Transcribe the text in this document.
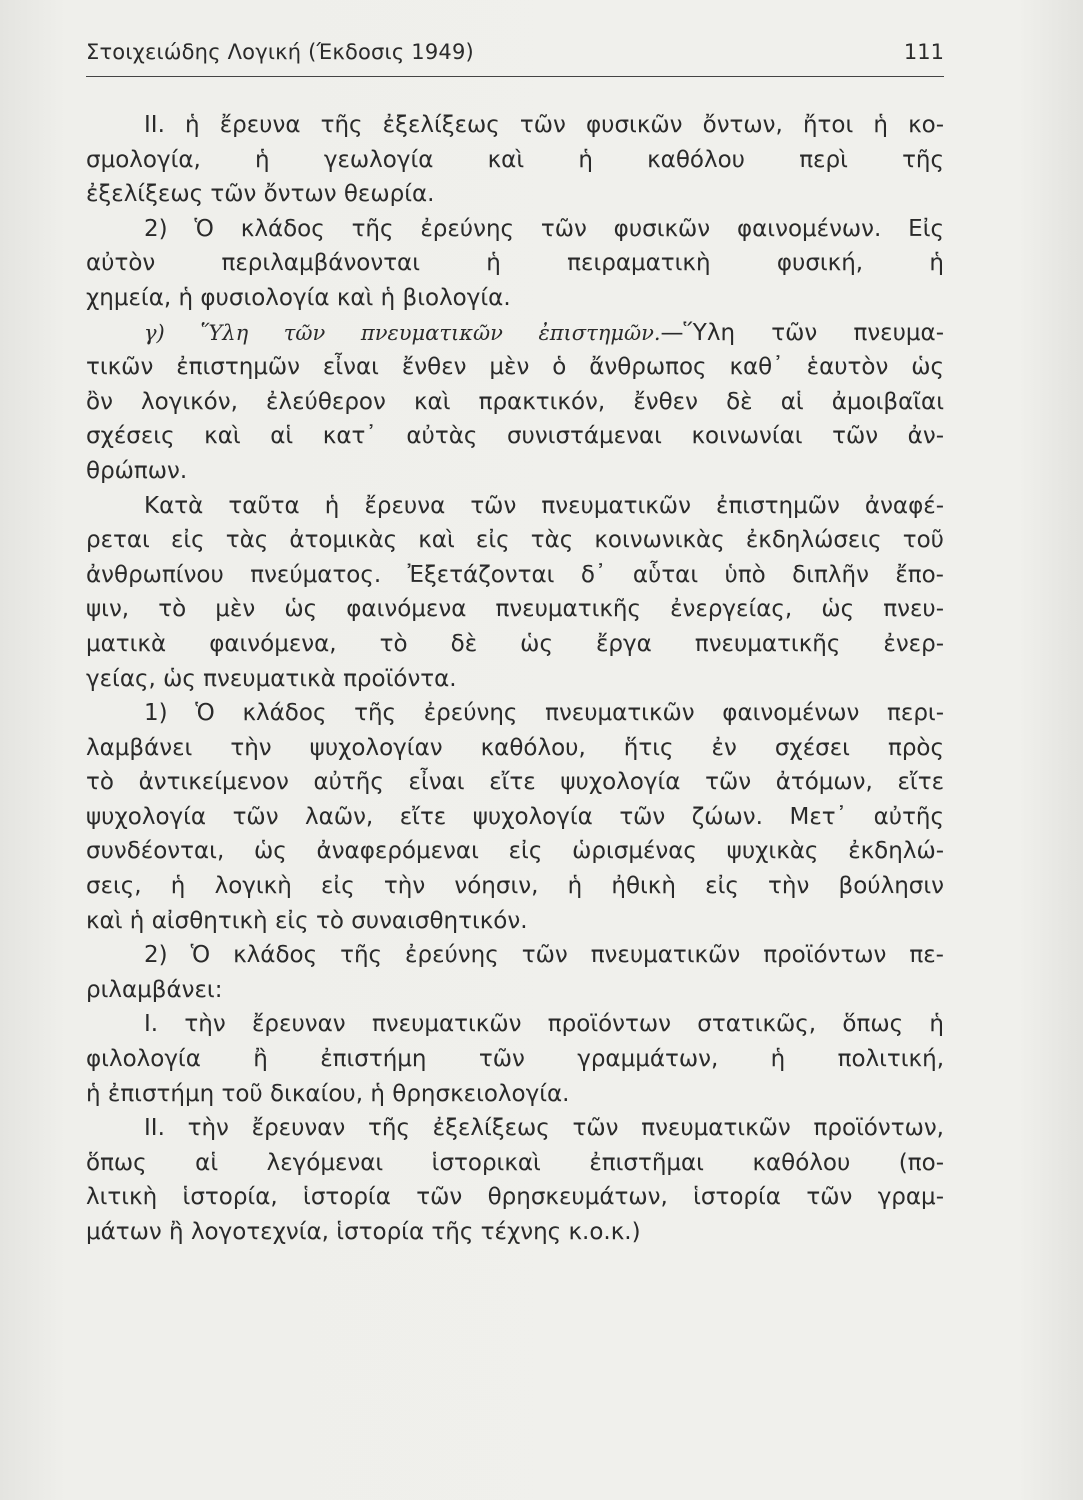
Στοιχειώδης Λογική (Έκδοσις 1949)	111
II. ἡ ἔρευνα τῆς ἐξελίξεως τῶν φυσικῶν ὄντων, ἤτοι ἡ κο-
σμολογία, ἡ γεωλογία καὶ ἡ καθόλου περὶ τῆς
ἐξελίξεως τῶν ὄντων θεωρία.
2) Ὁ κλάδος τῆς ἐρεύνης τῶν φυσικῶν φαινομένων. Εἰς
αὐτὸν περιλαμβάνονται ἡ πειραματικὴ φυσική, ἡ
χημεία, ἡ φυσιολογία καὶ ἡ βιολογία.
γ) Ὕλη τῶν πνευματικῶν ἐπιστημῶν.—Ὕλη τῶν πνευμα-
τικῶν ἐπιστημῶν εἶναι ἔνθεν μὲν ὁ ἄνθρωπος καθ᾽ ἑαυτὸν ὡς
ὂν λογικόν, ἐλεύθερον καὶ πρακτικόν, ἔνθεν δὲ αἱ ἀμοιβαῖαι
σχέσεις καὶ αἱ κατ᾽ αὐτὰς συνιστάμεναι κοινωνίαι τῶν ἀν-
θρώπων.
Κατὰ ταῦτα ἡ ἔρευνα τῶν πνευματικῶν ἐπιστημῶν ἀναφέ-
ρεται εἰς τὰς ἀτομικὰς καὶ εἰς τὰς κοινωνικὰς ἐκδηλώσεις τοῦ
ἀνθρωπίνου πνεύματος. Ἐξετάζονται δ᾽ αὗται ὑπὸ διπλῆν ἔπο-
ψιν, τὸ μὲν ὡς φαινόμενα πνευματικῆς ἐνεργείας, ὡς πνευ-
ματικὰ φαινόμενα, τὸ δὲ ὡς ἔργα πνευματικῆς ἐνερ-
γείας, ὡς πνευματικὰ προϊόντα.
1) Ὁ κλάδος τῆς ἐρεύνης πνευματικῶν φαινομένων περι-
λαμβάνει τὴν ψυχολογίαν καθόλου, ἥτις ἐν σχέσει πρὸς
τὸ ἀντικείμενον αὐτῆς εἶναι εἴτε ψυχολογία τῶν ἀτόμων, εἴτε
ψυχολογία τῶν λαῶν, εἴτε ψυχολογία τῶν ζώων. Μετ᾽ αὐτῆς
συνδέονται, ὡς ἀναφερόμεναι εἰς ὡρισμένας ψυχικὰς ἐκδηλώ-
σεις, ἡ λογικὴ εἰς τὴν νόησιν, ἡ ἠθικὴ εἰς τὴν βούλησιν
καὶ ἡ αἰσθητικὴ εἰς τὸ συναισθητικόν.
2) Ὁ κλάδος τῆς ἐρεύνης τῶν πνευματικῶν προϊόντων πε-
ριλαμβάνει:
I. τὴν ἔρευναν πνευματικῶν προϊόντων στατικῶς, ὅπως ἡ
φιλολογία ἢ ἐπιστήμη τῶν γραμμάτων, ἡ πολιτική,
ἡ ἐπιστήμη τοῦ δικαίου, ἡ θρησκειολογία.
II. τὴν ἔρευναν τῆς ἐξελίξεως τῶν πνευματικῶν προϊόντων,
ὅπως αἱ λεγόμεναι ἱστορικαὶ ἐπιστῆμαι καθόλου (πο-
λιτικὴ ἱστορία, ἱστορία τῶν θρησκευμάτων, ἱστορία τῶν γραμ-
μάτων ἢ λογοτεχνία, ἱστορία τῆς τέχνης κ.ο.κ.)
